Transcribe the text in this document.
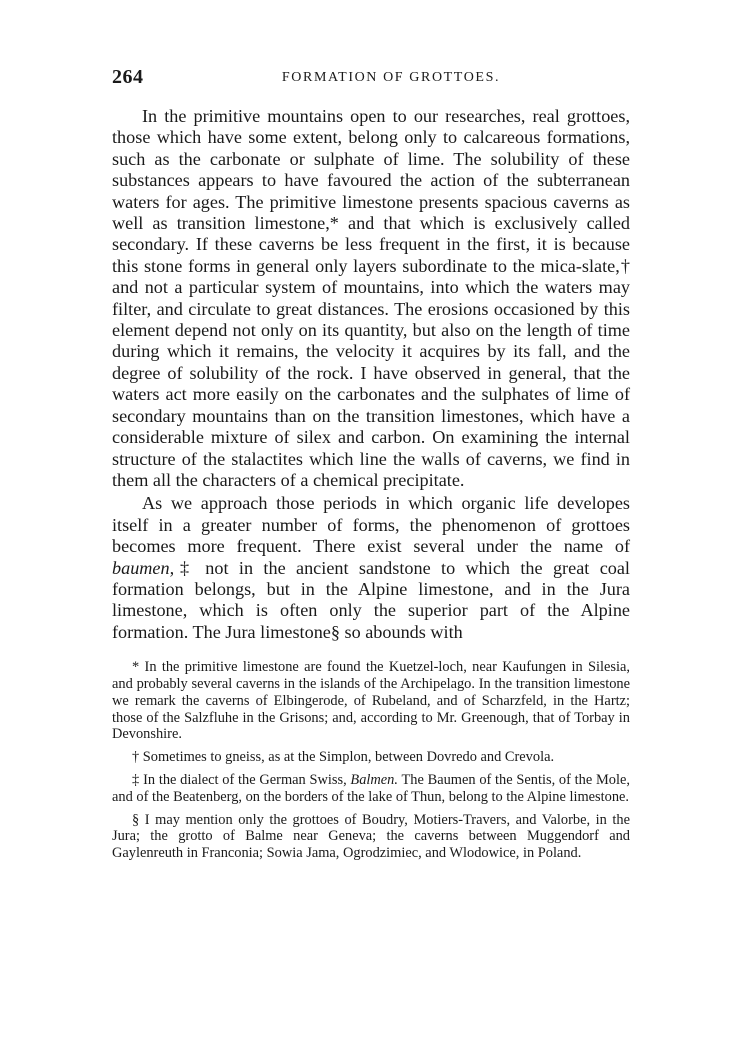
264	FORMATION OF GROTTOES.

In the primitive mountains open to our researches, real grottoes, those which have some extent, belong only to calcareous formations, such as the carbonate or sulphate of lime. The solubility of these substances appears to have favoured the action of the subterranean waters for ages. The primitive limestone presents spacious caverns as well as transition limestone,* and that which is exclusively called secondary. If these caverns be less frequent in the first, it is because this stone forms in general only layers subordinate to the mica-slate,† and not a particular system of mountains, into which the waters may filter, and circulate to great distances. The erosions occasioned by this element depend not only on its quantity, but also on the length of time during which it remains, the velocity it acquires by its fall, and the degree of solubility of the rock. I have observed in general, that the waters act more easily on the carbonates and the sulphates of lime of secondary mountains than on the transition limestones, which have a considerable mixture of silex and carbon. On examining the internal structure of the stalactites which line the walls of caverns, we find in them all the characters of a chemical precipitate.

As we approach those periods in which organic life developes itself in a greater number of forms, the phenomenon of grottoes becomes more frequent. There exist several under the name of baumen,‡ not in the ancient sandstone to which the great coal formation belongs, but in the Alpine limestone, and in the Jura limestone, which is often only the superior part of the Alpine formation. The Jura limestone§ so abounds with

* In the primitive limestone are found the Kuetzel-loch, near Kaufungen in Silesia, and probably several caverns in the islands of the Archipelago. In the transition limestone we remark the caverns of Elbingerode, of Rubeland, and of Scharzfeld, in the Hartz; those of the Salzfluhe in the Grisons; and, according to Mr. Greenough, that of Torbay in Devonshire.

† Sometimes to gneiss, as at the Simplon, between Dovredo and Crevola.

‡ In the dialect of the German Swiss, Balmen. The Baumen of the Sentis, of the Mole, and of the Beatenberg, on the borders of the lake of Thun, belong to the Alpine limestone.

§ I may mention only the grottoes of Boudry, Motiers-Travers, and Valorbe, in the Jura; the grotto of Balme near Geneva; the caverns between Muggendorf and Gaylenreuth in Franconia; Sowia Jama, Ogrodzimiec, and Wlodowice, in Poland.
